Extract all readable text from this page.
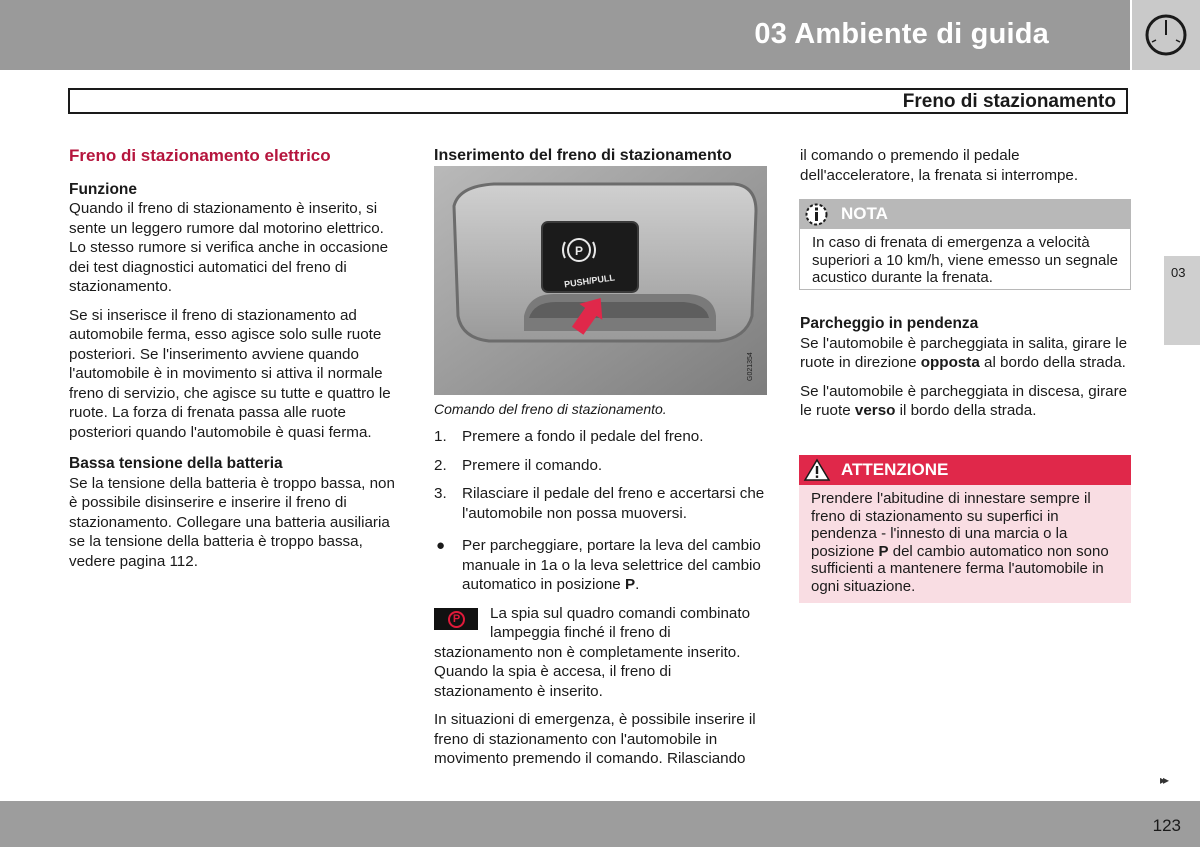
03 Ambiente di guida
Freno di stazionamento
Freno di stazionamento elettrico
Funzione

Quando il freno di stazionamento è inserito, si sente un leggero rumore dal motorino elettrico. Lo stesso rumore si verifica anche in occasione dei test diagnostici automatici del freno di stazionamento.

Se si inserisce il freno di stazionamento ad automobile ferma, esso agisce solo sulle ruote posteriori. Se l'inserimento avviene quando l'automobile è in movimento si attiva il normale freno di servizio, che agisce su tutte e quattro le ruote. La forza di frenata passa alle ruote posteriori quando l'automobile è quasi ferma.

Bassa tensione della batteria

Se la tensione della batteria è troppo bassa, non è possibile disinserire e inserire il freno di stazionamento. Collegare una batteria ausiliaria se la tensione della batteria è troppo bassa, vedere pagina 112.

Inserimento del freno di stazionamento
P
PUSH/PULL
G021354
Comando del freno di stazionamento.
1. Premere a fondo il pedale del freno.
2. Premere il comando.
3. Rilasciare il pedale del freno e accertarsi che l'automobile non possa muoversi.
● Per parcheggiare, portare la leva del cambio manuale in 1a o la leva selettrice del cambio automatico in posizione P.
P	La spia sul quadro comandi combinato lampeggia finché il freno di stazionamento non è completamente inserito. Quando la spia è accesa, il freno di stazionamento è inserito.
In situazioni di emergenza, è possibile inserire il freno di stazionamento con l'automobile in movimento premendo il comando. Rilasciando
il comando o premendo il pedale dell'acceleratore, la frenata si interrompe.
NOTA
In caso di frenata di emergenza a velocità superiori a 10 km/h, viene emesso un segnale acustico durante la frenata.
Parcheggio in pendenza

Se l'automobile è parcheggiata in salita, girare le ruote in direzione opposta al bordo della strada.

Se l'automobile è parcheggiata in discesa, girare le ruote verso il bordo della strada.

ATTENZIONE
Prendere l'abitudine di innestare sempre il freno di stazionamento su superfici in pendenza - l'innesto di una marcia o la posizione P del cambio automatico non sono sufficienti a mantenere ferma l'automobile in ogni situazione.
03
▸▸
123
